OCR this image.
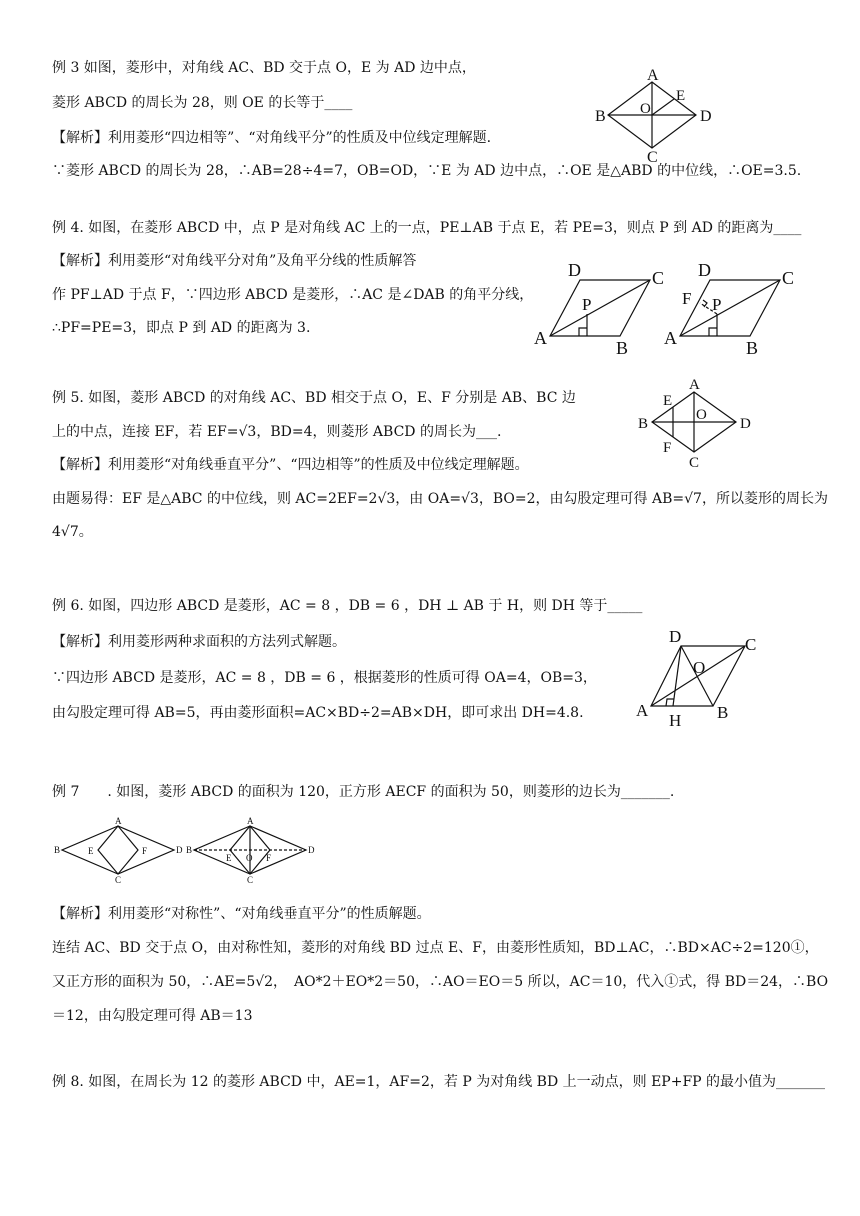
例 3 如图，菱形中，对角线 AC、BD 交于点 O，E 为 AD 边中点，
菱形 ABCD 的周长为 28，则 OE 的长等于____
【解析】利用菱形“四边相等”、“对角线平分”的性质及中位线定理解题.
∵菱形 ABCD 的周长为 28，∴AB=28÷4=7，OB=OD，∵E 为 AD 边中点，∴OE 是△ABD 的中位线，∴OE=3.5.
A
B
C
D
O
E
例 4. 如图，在菱形 ABCD 中，点 P 是对角线 AC 上的一点，PE⊥AB 于点 E，若 PE=3，则点 P 到 AD 的距离为____
【解析】利用菱形“对角线平分对角”及角平分线的性质解答
作 PF⊥AD 于点 F，∵四边形 ABCD 是菱形，∴AC 是∠DAB 的角平分线，
∴PF=PE=3，即点 P 到 AD 的距离为 3.
D	C
A	B
P
D	C
A	B
P
F
例 5. 如图，菱形 ABCD 的对角线 AC、BD 相交于点 O，E、F 分别是 AB、BC 边
上的中点，连接 EF，若 EF=√3，BD=4，则菱形 ABCD 的周长为___.
【解析】利用菱形“对角线垂直平分”、“四边相等”的性质及中位线定理解题。
由题易得：EF 是△ABC 的中位线，则 AC=2EF=2√3，由 OA=√3，BO=2，由勾股定理可得 AB=√7，所以菱形的周长为
4√7。
A
B
C
D
O
E
F
例 6. 如图，四边形 ABCD 是菱形，AC = 8 ，DB = 6 ，DH ⊥ AB 于 H，则 DH 等于_____
【解析】利用菱形两种求面积的方法列式解题。
∵四边形 ABCD 是菱形，AC = 8 ，DB = 6 ，根据菱形的性质可得 OA=4，OB=3，
由勾股定理可得 AB=5，再由菱形面积=AC×BD÷2=AB×DH，即可求出 DH=4.8.
D	C
A	B
O
H
例 7　　. 如图，菱形 ABCD 的面积为 120，正方形 AECF 的面积为 50，则菱形的边长为_______.
A
B
C
D
E	F
A
B
C
D
E	F
O
【解析】利用菱形“对称性”、“对角线垂直平分”的性质解题。
连结 AC、BD 交于点 O，由对称性知，菱形的对角线 BD 过点 E、F，由菱形性质知，BD⊥AC，∴BD×AC÷2=120①，
又正方形的面积为 50，∴AE=5√2，　AO*2＋EO*2＝50，∴AO＝EO＝5 所以，AC＝10，代入①式，得 BD＝24，∴BO
＝12，由勾股定理可得 AB＝13
例 8. 如图，在周长为 12 的菱形 ABCD 中，AE=1，AF=2，若 P 为对角线 BD 上一动点，则 EP+FP 的最小值为_______
